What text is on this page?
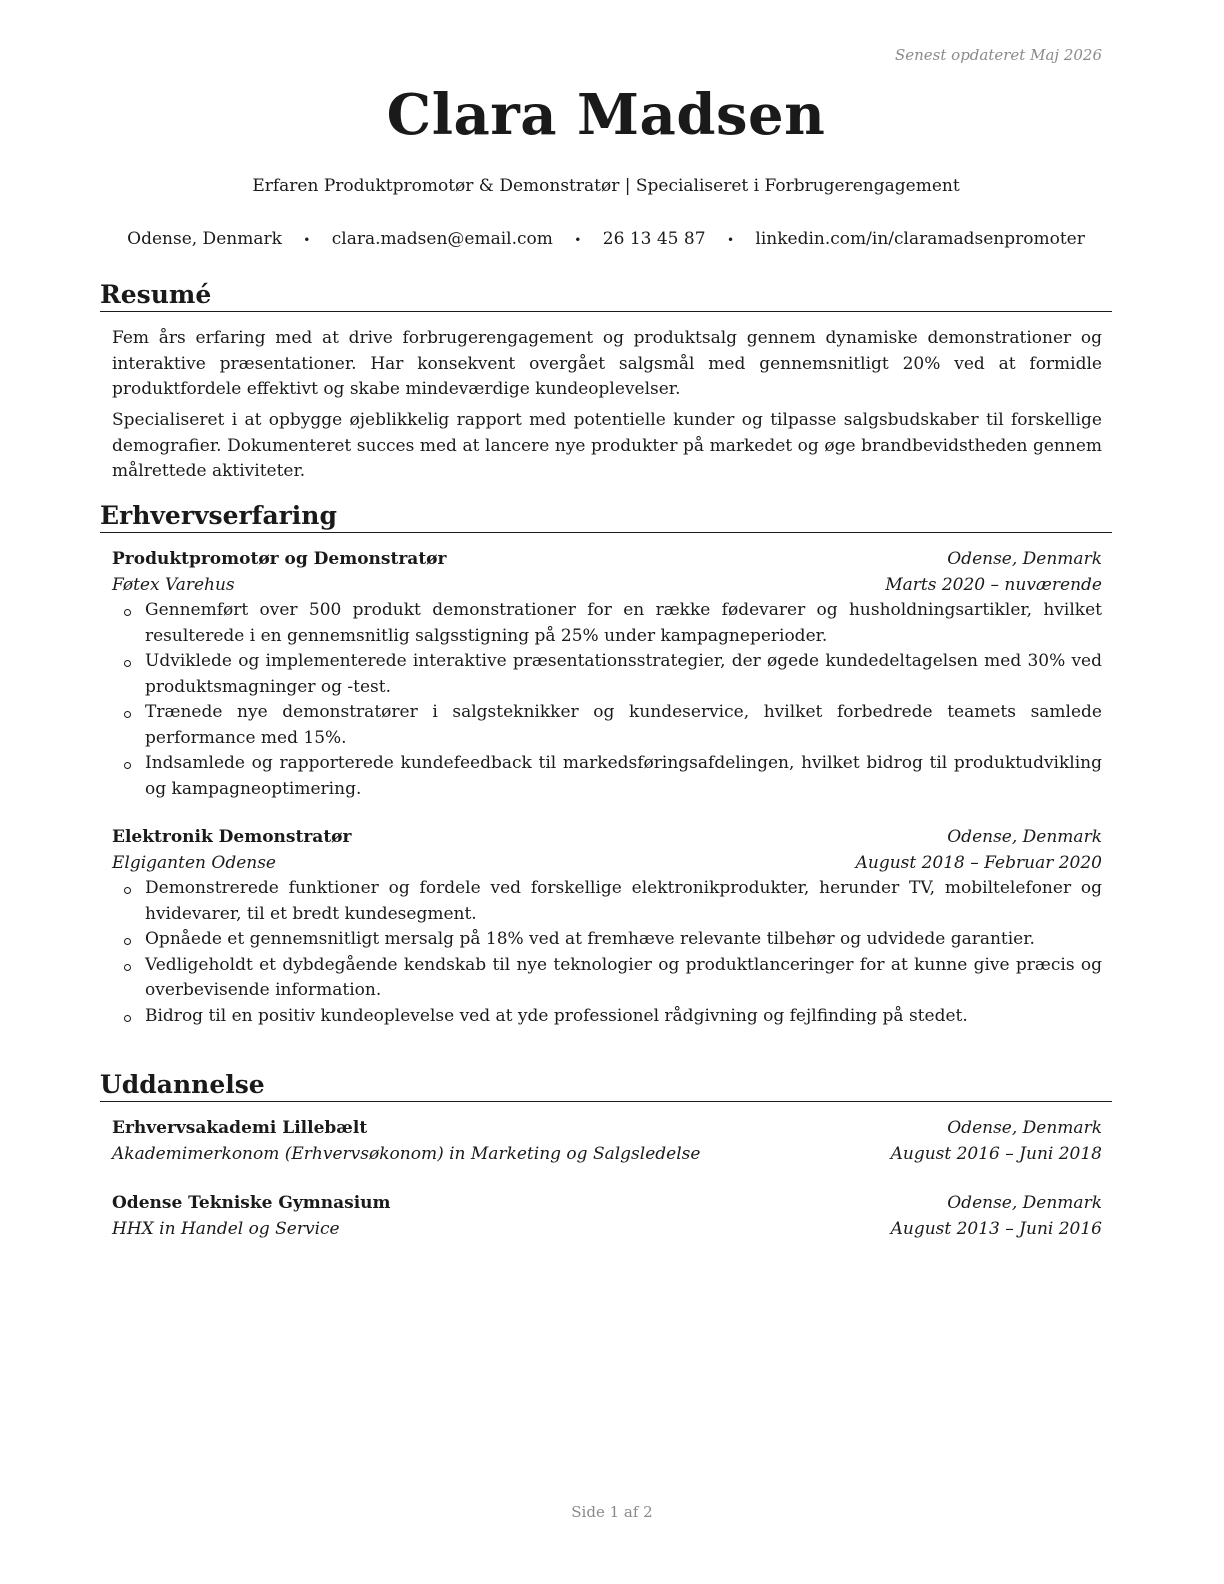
Senest opdateret Maj 2026
Clara Madsen
Erfaren Produktpromotør & Demonstratør | Specialiseret i Forbrugerengagement
Odense, Denmark • clara.madsen@email.com • 26 13 45 87 • linkedin.com/in/claramadsenpromoter
Resumé

Fem års erfaring med at drive forbrugerengagement og produktsalg gennem dynamiske demonstrationer og interaktive præsentationer. Har konsekvent overgået salgsmål med gennemsnitligt 20% ved at formidle produktfordele effektivt og skabe mindeværdige kundeoplevelser.

Specialiseret i at opbygge øjeblikkelig rapport med potentielle kunder og tilpasse salgsbudskaber til forskellige demografier. Dokumenteret succes med at lancere nye produkter på markedet og øge brandbevidstheden gennem målrettede aktiviteter.

Erhvervserfaring
Produktpromotør og Demonstratør	Odense, Denmark
Føtex Varehus	Marts 2020 – nuværende
Gennemført over 500 produkt demonstrationer for en række fødevarer og husholdningsartikler, hvilket resulterede i en gennemsnitlig salgsstigning på 25% under kampagneperioder.
Udviklede og implementerede interaktive præsentationsstrategier, der øgede kundedeltagelsen med 30% ved produktsmagninger og -test.
Trænede nye demonstratører i salgsteknikker og kundeservice, hvilket forbedrede teamets samlede performance med 15%.
Indsamlede og rapporterede kundefeedback til markedsføringsafdelingen, hvilket bidrog til produktudvikling og kampagneoptimering.
Elektronik Demonstratør	Odense, Denmark
Elgiganten Odense	August 2018 – Februar 2020
Demonstrerede funktioner og fordele ved forskellige elektronikprodukter, herunder TV, mobiltelefoner og hvidevarer, til et bredt kundesegment.
Opnåede et gennemsnitligt mersalg på 18% ved at fremhæve relevante tilbehør og udvidede garantier.
Vedligeholdt et dybdegående kendskab til nye teknologier og produktlanceringer for at kunne give præcis og overbevisende information.
Bidrog til en positiv kundeoplevelse ved at yde professionel rådgivning og fejlfinding på stedet.
Uddannelse
Erhvervsakademi Lillebælt	Odense, Denmark
Akademimerkonom (Erhvervsøkonom) in Marketing og Salgsledelse	August 2016 – Juni 2018
Odense Tekniske Gymnasium	Odense, Denmark
HHX in Handel og Service	August 2013 – Juni 2016
Side 1 af 2
